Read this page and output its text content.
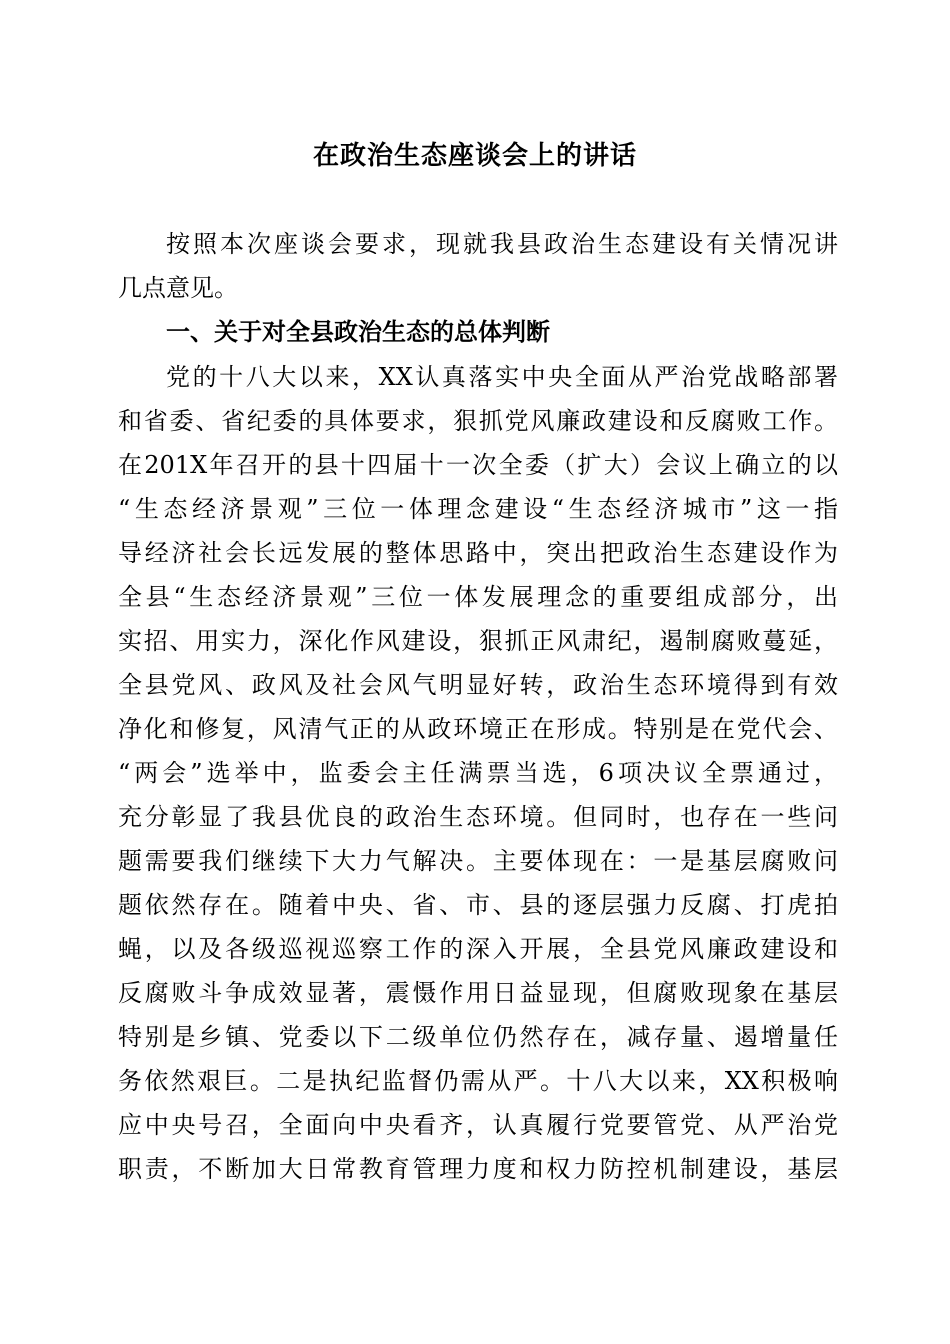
在政治生态座谈会上的讲话
按照本次座谈会要求，现就我县政治生态建设有关情况讲
几点意见。
一、关于对全县政治生态的总体判断
党的十八大以来，XX认真落实中央全面从严治党战略部署
和省委、省纪委的具体要求，狠抓党风廉政建设和反腐败工作。
在201X年召开的县十四届十一次全委（扩大）会议上确立的以
“生态经济景观”三位一体理念建设“生态经济城市”这一指
导经济社会长远发展的整体思路中，突出把政治生态建设作为
全县“生态经济景观”三位一体发展理念的重要组成部分，出
实招、用实力，深化作风建设，狠抓正风肃纪，遏制腐败蔓延，
全县党风、政风及社会风气明显好转，政治生态环境得到有效
净化和修复，风清气正的从政环境正在形成。特别是在党代会、
“两会”选举中，监委会主任满票当选，6项决议全票通过，
充分彰显了我县优良的政治生态环境。但同时，也存在一些问
题需要我们继续下大力气解决。主要体现在：一是基层腐败问
题依然存在。随着中央、省、市、县的逐层强力反腐、打虎拍
蝇，以及各级巡视巡察工作的深入开展，全县党风廉政建设和
反腐败斗争成效显著，震慑作用日益显现，但腐败现象在基层
特别是乡镇、党委以下二级单位仍然存在，减存量、遏增量任
务依然艰巨。二是执纪监督仍需从严。十八大以来，XX积极响
应中央号召，全面向中央看齐，认真履行党要管党、从严治党
职责，不断加大日常教育管理力度和权力防控机制建设，基层
